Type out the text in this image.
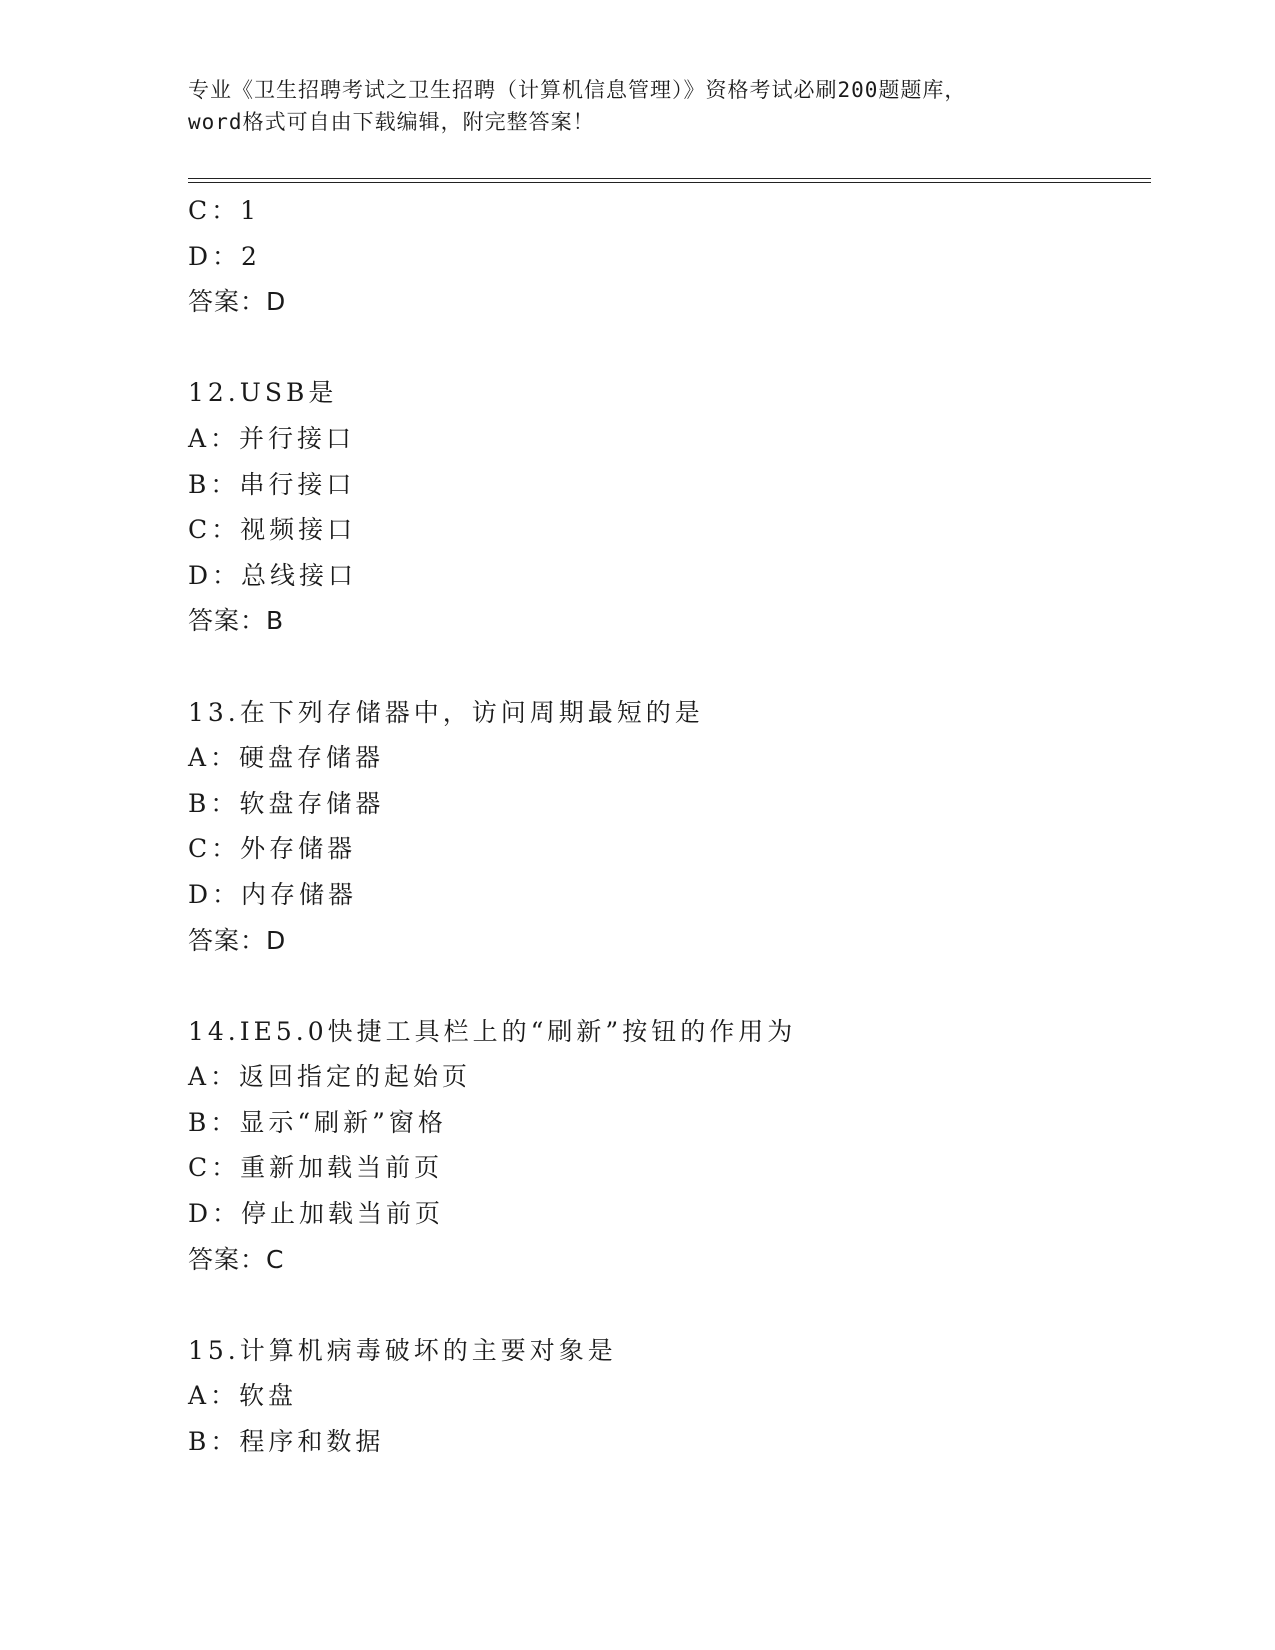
专业《卫生招聘考试之卫生招聘（计算机信息管理）》资格考试必刷200题题库，
word格式可自由下载编辑，附完整答案！
C：1
D：2
答案：D
12.USB是
A：并行接口
B：串行接口
C：视频接口
D：总线接口
答案：B
13.在下列存储器中，访问周期最短的是
A：硬盘存储器
B：软盘存储器
C：外存储器
D：内存储器
答案：D
14.IE5.0快捷工具栏上的“刷新”按钮的作用为
A：返回指定的起始页
B：显示“刷新”窗格
C：重新加载当前页
D：停止加载当前页
答案：C
15.计算机病毒破坏的主要对象是
A：软盘
B：程序和数据
